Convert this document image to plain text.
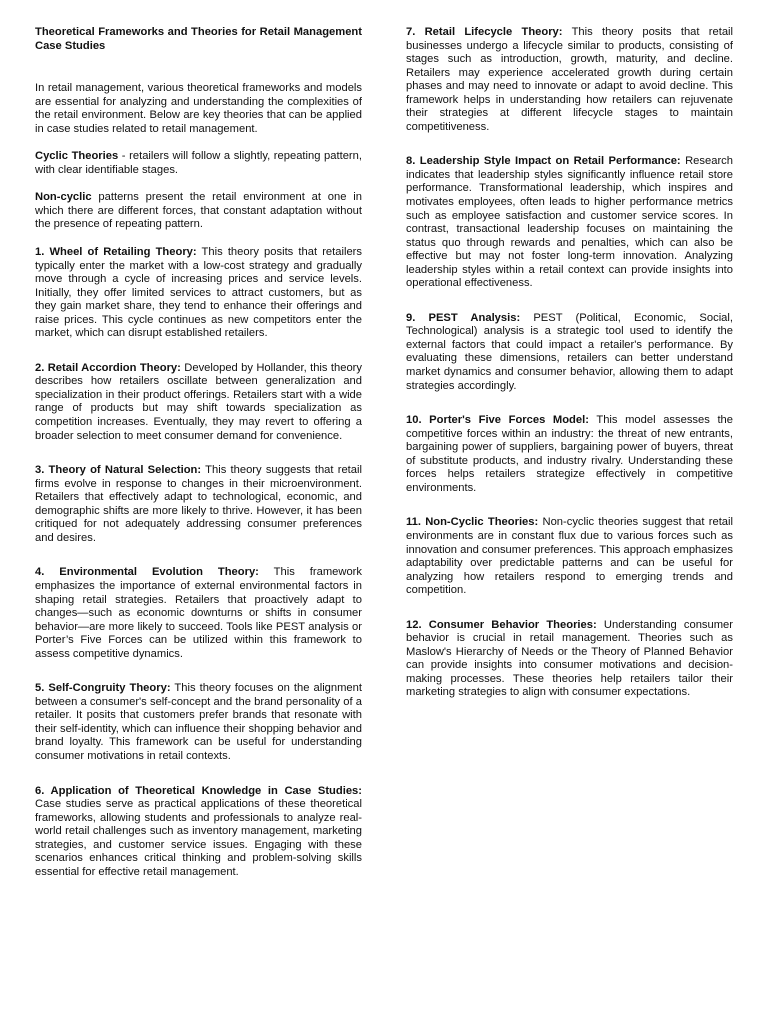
Theoretical Frameworks and Theories for Retail Management Case Studies

In retail management, various theoretical frameworks and models are essential for analyzing and understanding the complexities of the retail environment. Below are key theories that can be applied in case studies related to retail management.

Cyclic Theories - retailers will follow a slightly, repeating pattern, with clear identifiable stages.

Non-cyclic patterns present the retail environment at one in which there are different forces, that constant adaptation without the presence of repeating pattern.

1. Wheel of Retailing Theory: This theory posits that retailers typically enter the market with a low-cost strategy and gradually move through a cycle of increasing prices and service levels. Initially, they offer limited services to attract customers, but as they gain market share, they tend to enhance their offerings and raise prices. This cycle continues as new competitors enter the market, which can disrupt established retailers.

2. Retail Accordion Theory: Developed by Hollander, this theory describes how retailers oscillate between generalization and specialization in their product offerings. Retailers start with a wide range of products but may shift towards specialization as competition increases. Eventually, they may revert to offering a broader selection to meet consumer demand for convenience.

3. Theory of Natural Selection: This theory suggests that retail firms evolve in response to changes in their microenvironment. Retailers that effectively adapt to technological, economic, and demographic shifts are more likely to thrive. However, it has been critiqued for not adequately addressing consumer preferences and desires.

4. Environmental Evolution Theory: This framework emphasizes the importance of external environmental factors in shaping retail strategies. Retailers that proactively adapt to changes—such as economic downturns or shifts in consumer behavior—are more likely to succeed. Tools like PEST analysis or Porter’s Five Forces can be utilized within this framework to assess competitive dynamics.

5. Self-Congruity Theory: This theory focuses on the alignment between a consumer's self-concept and the brand personality of a retailer. It posits that customers prefer brands that resonate with their self-identity, which can influence their shopping behavior and brand loyalty. This framework can be useful for understanding consumer motivations in retail contexts.

6. Application of Theoretical Knowledge in Case Studies: Case studies serve as practical applications of these theoretical frameworks, allowing students and professionals to analyze real-world retail challenges such as inventory management, marketing strategies, and customer service issues. Engaging with these scenarios enhances critical thinking and problem-solving skills essential for effective retail management.

7. Retail Lifecycle Theory: This theory posits that retail businesses undergo a lifecycle similar to products, consisting of stages such as introduction, growth, maturity, and decline. Retailers may experience accelerated growth during certain phases and may need to innovate or adapt to avoid decline. This framework helps in understanding how retailers can rejuvenate their strategies at different lifecycle stages to maintain competitiveness.

8. Leadership Style Impact on Retail Performance: Research indicates that leadership styles significantly influence retail store performance. Transformational leadership, which inspires and motivates employees, often leads to higher performance metrics such as employee satisfaction and customer service scores. In contrast, transactional leadership focuses on maintaining the status quo through rewards and penalties, which can also be effective but may not foster long-term innovation. Analyzing leadership styles within a retail context can provide insights into operational effectiveness.

9. PEST Analysis: PEST (Political, Economic, Social, Technological) analysis is a strategic tool used to identify the external factors that could impact a retailer's performance. By evaluating these dimensions, retailers can better understand market dynamics and consumer behavior, allowing them to adapt strategies accordingly.

10. Porter's Five Forces Model: This model assesses the competitive forces within an industry: the threat of new entrants, bargaining power of suppliers, bargaining power of buyers, threat of substitute products, and industry rivalry. Understanding these forces helps retailers strategize effectively in competitive environments.

11. Non-Cyclic Theories: Non-cyclic theories suggest that retail environments are in constant flux due to various forces such as innovation and consumer preferences. This approach emphasizes adaptability over predictable patterns and can be useful for analyzing how retailers respond to emerging trends and competition.

12. Consumer Behavior Theories: Understanding consumer behavior is crucial in retail management. Theories such as Maslow's Hierarchy of Needs or the Theory of Planned Behavior can provide insights into consumer motivations and decision-making processes. These theories help retailers tailor their marketing strategies to align with consumer expectations.
